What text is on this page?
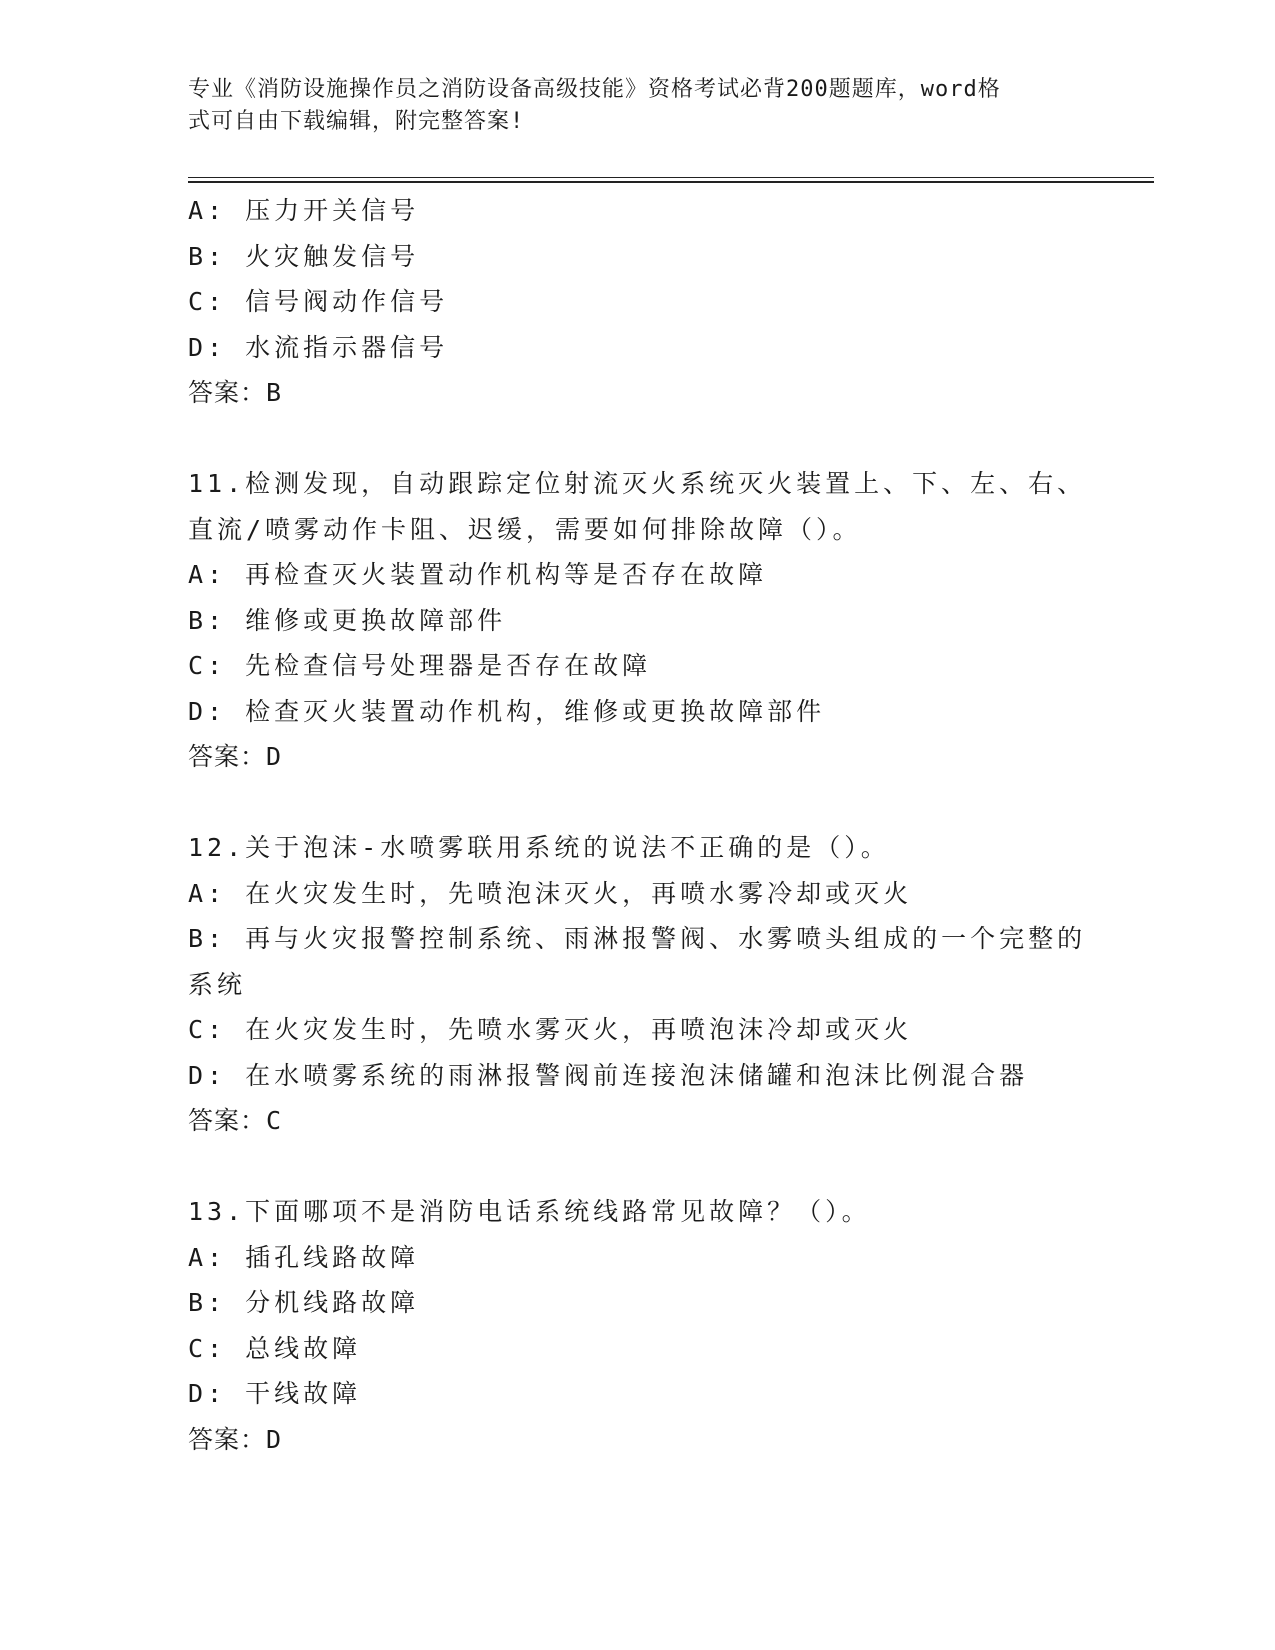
专业《消防设施操作员之消防设备高级技能》资格考试必背200题题库，word格
式可自由下载编辑，附完整答案!
A: 压力开关信号
B: 火灾触发信号
C: 信号阀动作信号
D: 水流指示器信号
答案：B
11.检测发现，自动跟踪定位射流灭火系统灭火装置上、下、左、右、
直流/喷雾动作卡阻、迟缓，需要如何排除故障（）。
A: 再检查灭火装置动作机构等是否存在故障
B: 维修或更换故障部件
C: 先检查信号处理器是否存在故障
D: 检查灭火装置动作机构，维修或更换故障部件
答案：D
12.关于泡沫-水喷雾联用系统的说法不正确的是（）。
A: 在火灾发生时，先喷泡沫灭火，再喷水雾冷却或灭火
B: 再与火灾报警控制系统、雨淋报警阀、水雾喷头组成的一个完整的
系统
C: 在火灾发生时，先喷水雾灭火，再喷泡沫冷却或灭火
D: 在水喷雾系统的雨淋报警阀前连接泡沫储罐和泡沫比例混合器
答案：C
13.下面哪项不是消防电话系统线路常见故障？（）。
A: 插孔线路故障
B: 分机线路故障
C: 总线故障
D: 干线故障
答案：D
